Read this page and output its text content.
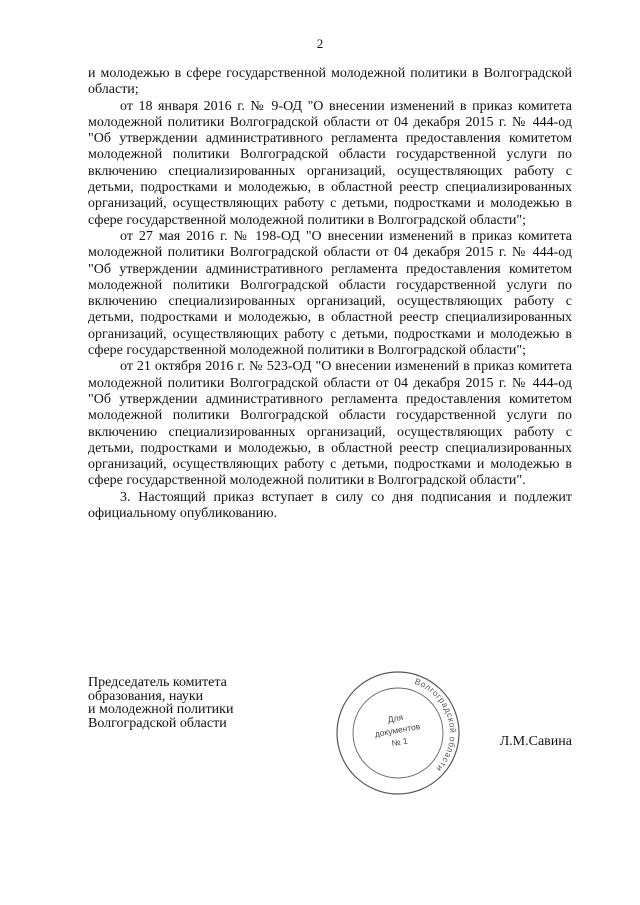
2

и молодежью в сфере государственной молодежной политики в Волгоградской области;

от 18 января 2016 г. № 9-ОД "О внесении изменений в приказ комитета молодежной политики Волгоградской области от 04 декабря 2015 г. № 444-од "Об утверждении административного регламента предоставления комитетом молодежной политики Волгоградской области государственной услуги по включению специализированных организаций, осуществляющих работу с детьми, подростками и молодежью, в областной реестр специализированных организаций, осуществляющих работу с детьми, подростками и молодежью в сфере государственной молодежной политики в Волгоградской области";

от 27 мая 2016 г. № 198-ОД "О внесении изменений в приказ комитета молодежной политики Волгоградской области от 04 декабря 2015 г. № 444-од "Об утверждении административного регламента предоставления комитетом молодежной политики Волгоградской области государственной услуги по включению специализированных организаций, осуществляющих работу с детьми, подростками и молодежью, в областной реестр специализированных организаций, осуществляющих работу с детьми, подростками и молодежью в сфере государственной молодежной политики в Волгоградской области";

от 21 октября 2016 г. № 523-ОД "О внесении изменений в приказ комитета молодежной политики Волгоградской области от 04 декабря 2015 г. № 444-од "Об утверждении административного регламента предоставления комитетом молодежной политики Волгоградской области государственной услуги по включению специализированных организаций, осуществляющих работу с детьми, подростками и молодежью, в областной реестр специализированных организаций, осуществляющих работу с детьми, подростками и молодежью в сфере государственной молодежной политики в Волгоградской области".

3. Настоящий приказ вступает в силу со дня подписания и подлежит официальному опубликованию.

Председатель комитета
образования, науки
и молодежной политики
Волгоградской области
Л.М.Савина
Волгоградской области
Для
документов
№ 1
